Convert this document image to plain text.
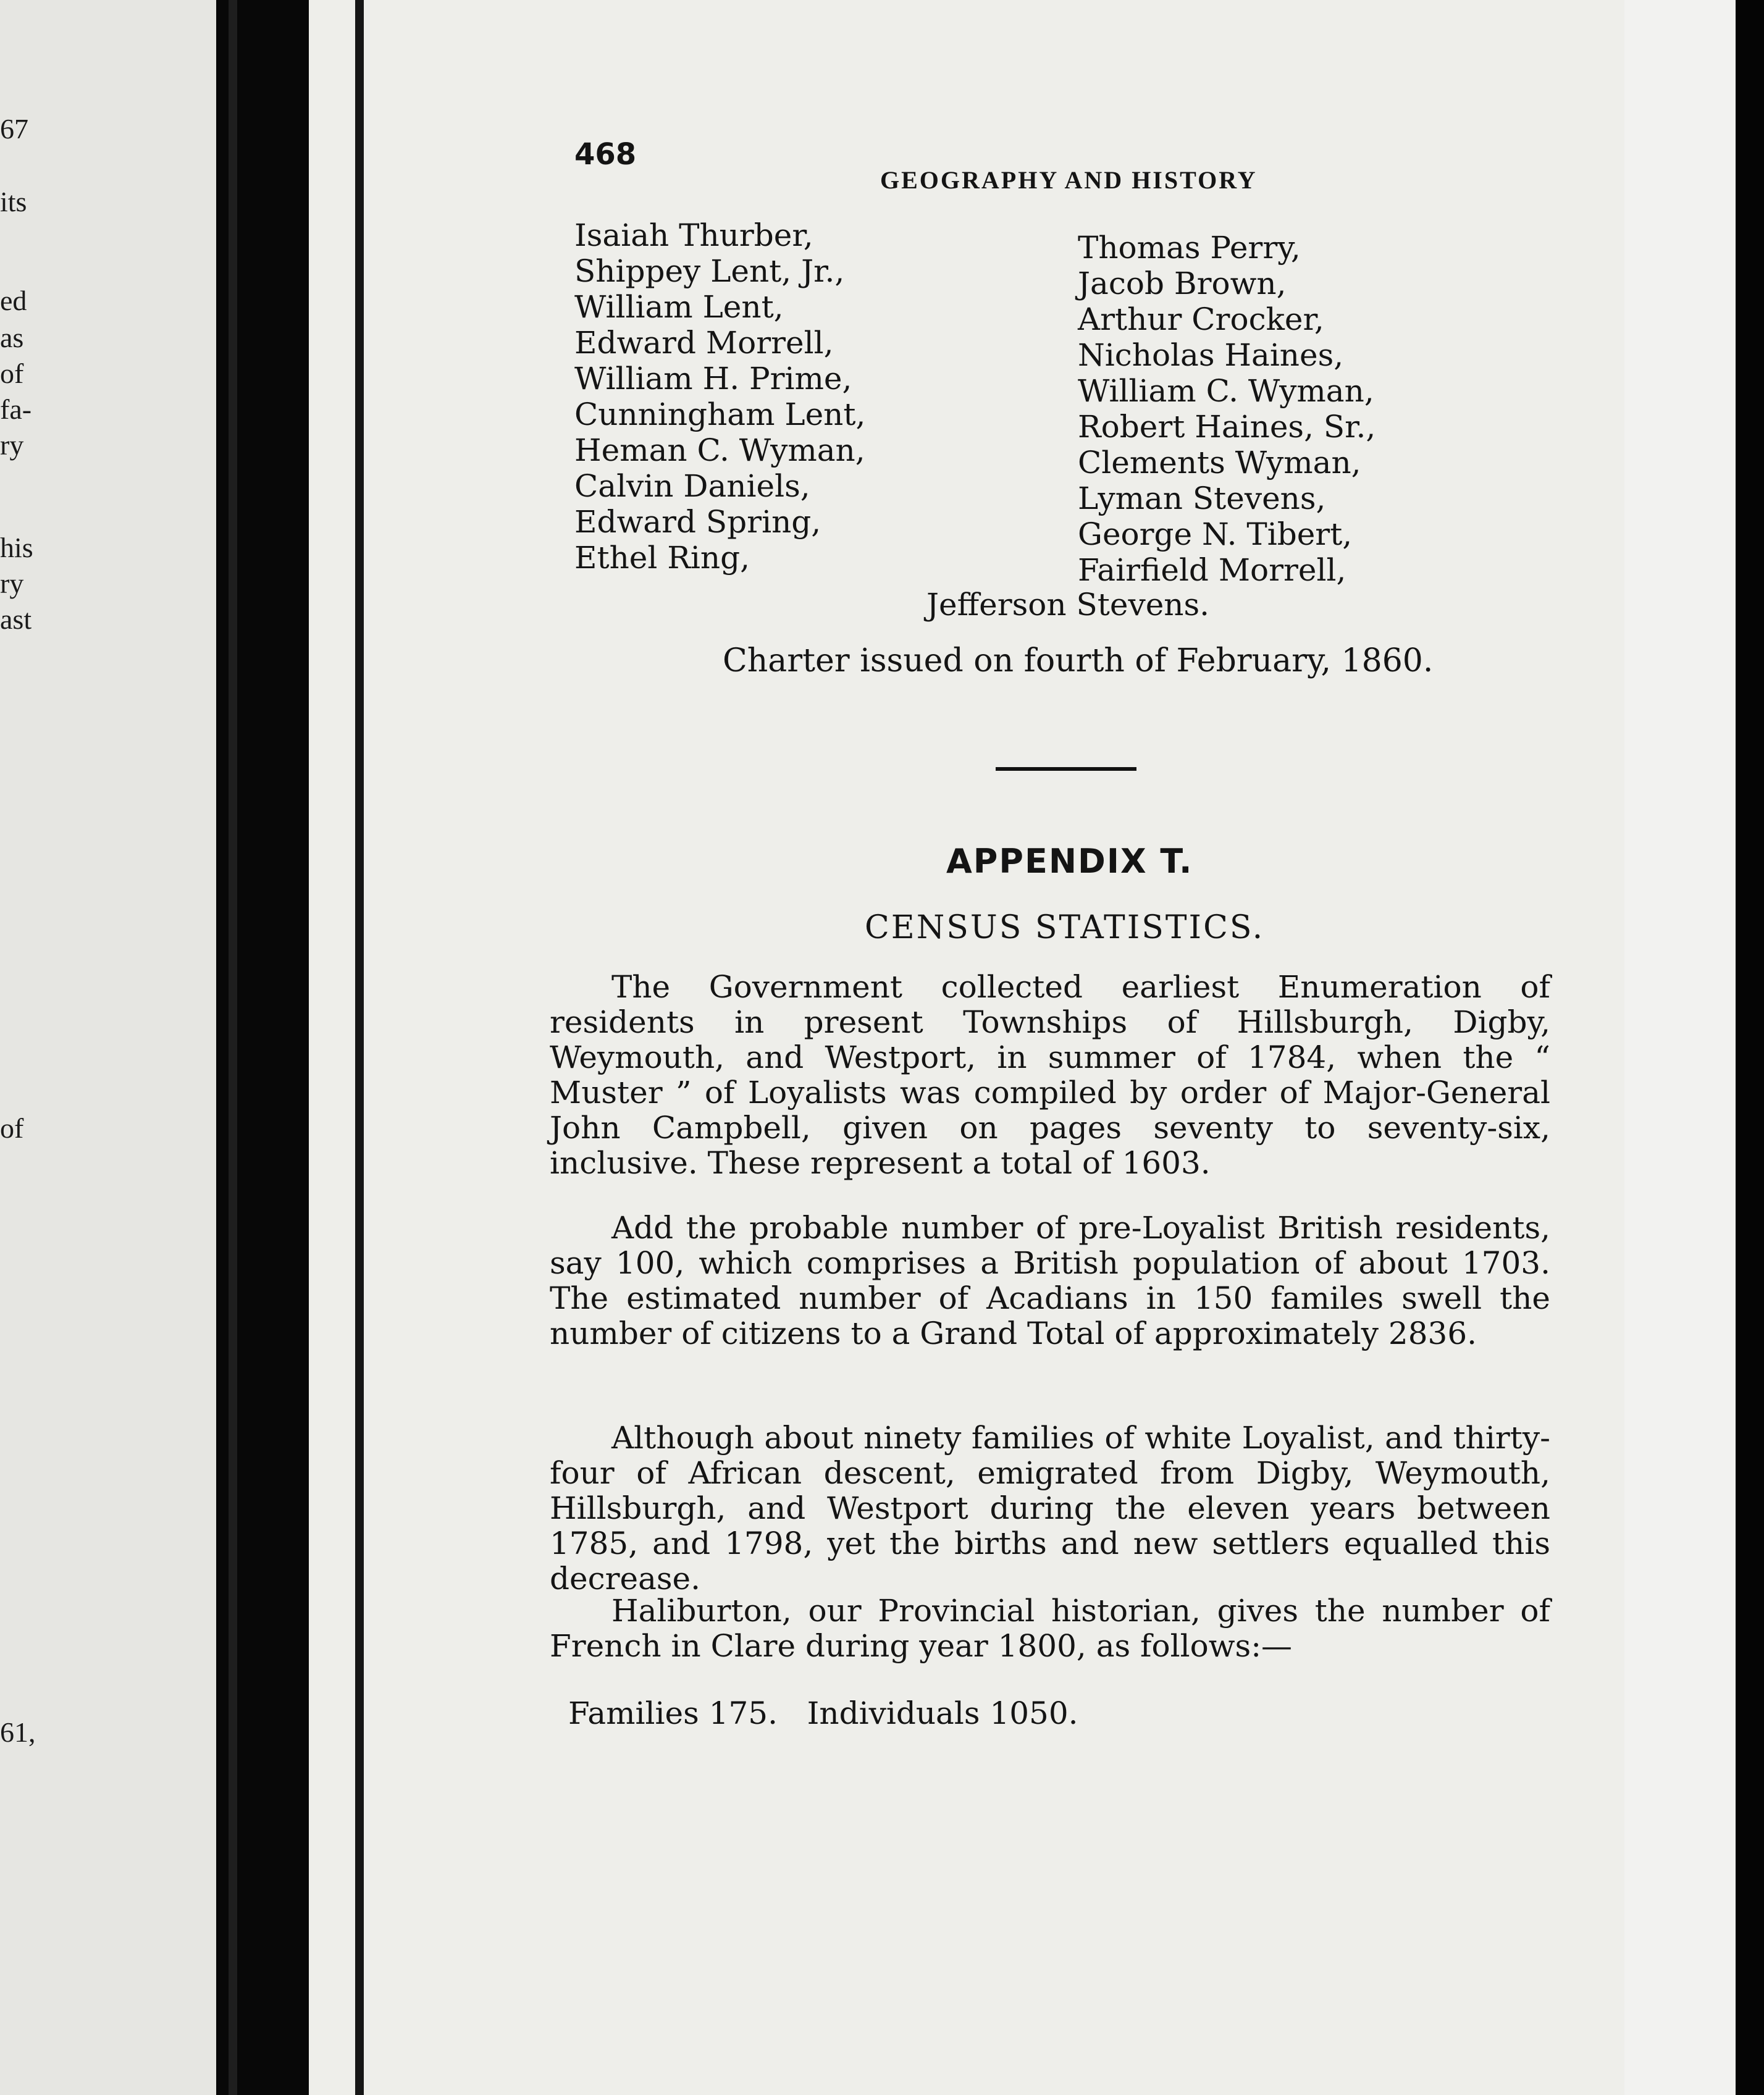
67
its
ed
as
of
fa-
ry
his
ry
ast
of
61,
468
GEOGRAPHY AND HISTORY
Isaiah Thurber,
Shippey Lent, Jr.,
William Lent,
Edward Morrell,
William H. Prime,
Cunningham Lent,
Heman C. Wyman,
Calvin Daniels,
Edward Spring,
Ethel Ring,
Thomas Perry,
Jacob Brown,
Arthur Crocker,
Nicholas Haines,
William C. Wyman,
Robert Haines, Sr.,
Clements Wyman,
Lyman Stevens,
George N. Tibert,
Fairfield Morrell,
Jefferson Stevens.
Charter issued on fourth of February, 1860.
APPENDIX T.
CENSUS STATISTICS.

The Government collected earliest Enumeration of residents in present Townships of Hillsburgh, Digby, Weymouth, and Westport, in summer of 1784, when the “ Muster ” of Loyalists was compiled by order of Major-General John Campbell, given on pages seventy to seventy-six, inclusive. These represent a total of 1603.

Add the probable number of pre-Loyalist British residents, say 100, which comprises a British population of about 1703. The estimated number of Acadians in 150 familes swell the number of citizens to a Grand Total of approximately 2836.

Although about ninety families of white Loyalist, and thirty-four of African descent, emigrated from Digby, Weymouth, Hillsburgh, and Westport during the eleven years between 1785, and 1798, yet the births and new settlers equalled this decrease.

Haliburton, our Provincial historian, gives the number of French in Clare during year 1800, as follows:—

Families 175.   Individuals 1050.
